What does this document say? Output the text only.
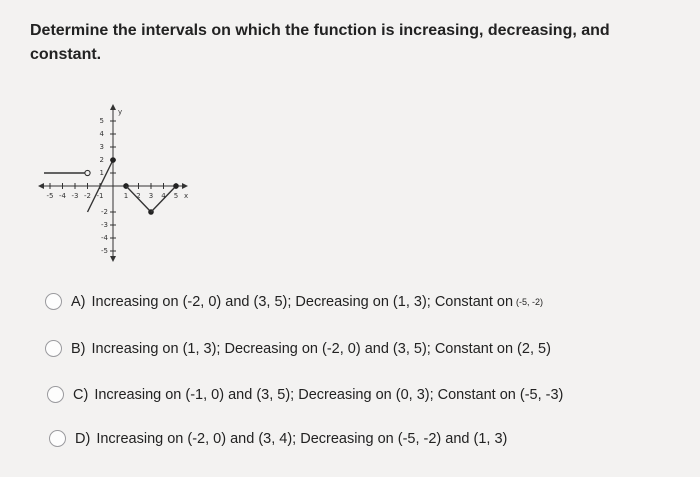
Determine the intervals on which the function is increasing, decreasing, and constant.

5
4
3
2
1
-2
-3
-4
-5
-5 -4 -3 -2 -1	1 2 3 4 5
y
x
A) Increasing on (-2, 0) and (3, 5); Decreasing on (1, 3); Constant on (-5, -2)
B) Increasing on (1, 3); Decreasing on (-2, 0) and (3, 5); Constant on (2, 5)
C) Increasing on (-1, 0) and (3, 5); Decreasing on (0, 3); Constant on (-5, -3)
D) Increasing on (-2, 0) and (3, 4); Decreasing on (-5, -2) and (1, 3)
